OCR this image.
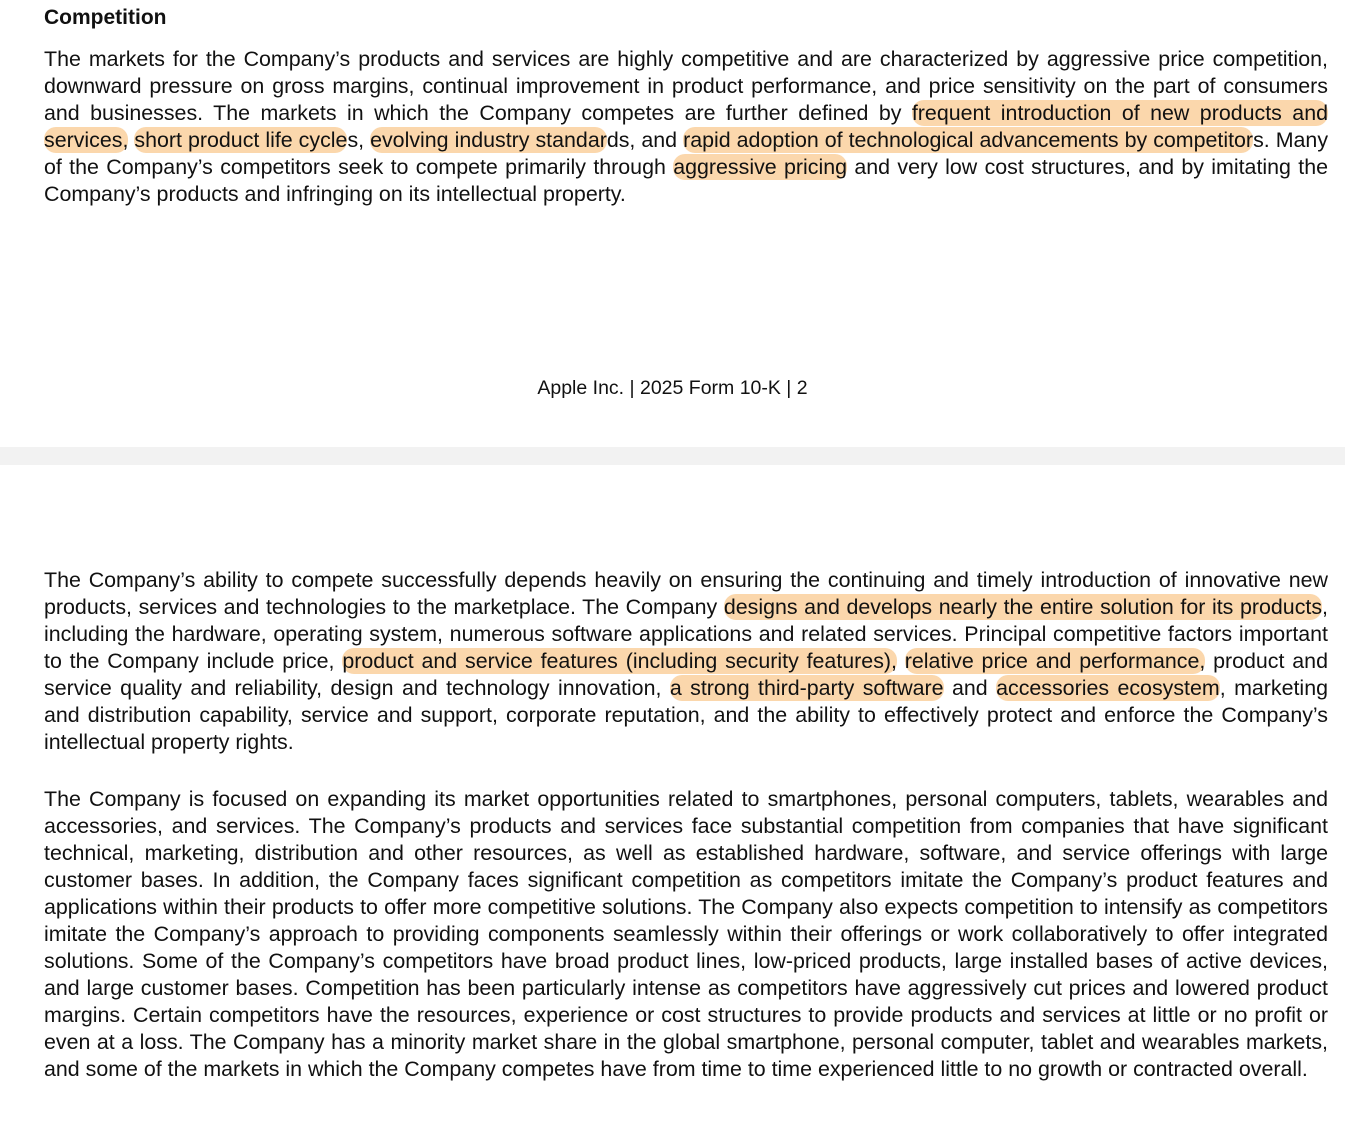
Competition

The markets for the Company’s products and services are highly competitive and are characterized by aggressive price competition, downward pressure on gross margins, continual improvement in product performance, and price sensitivity on the part of consumers and businesses. The markets in which the Company competes are further defined by frequent introduction of new products and services, short product life cycles, evolving industry standards, and rapid adoption of technological advancements by competitors. Many of the Company’s competitors seek to compete primarily through aggressive pricing and very low cost structures, and by imitating the Company’s products and infringing on its intellectual property.

Apple Inc. | 2025 Form 10-K | 2

The Company’s ability to compete successfully depends heavily on ensuring the continuing and timely introduction of innovative new products, services and technologies to the marketplace. The Company designs and develops nearly the entire solution for its products, including the hardware, operating system, numerous software applications and related services. Principal competitive factors important to the Company include price, product and service features (including security features), relative price and performance, product and service quality and reliability, design and technology innovation, a strong third-party software and accessories ecosystem, marketing and distribution capability, service and support, corporate reputation, and the ability to effectively protect and enforce the Company’s intellectual property rights.

The Company is focused on expanding its market opportunities related to smartphones, personal computers, tablets, wearables and accessories, and services. The Company’s products and services face substantial competition from companies that have significant technical, marketing, distribution and other resources, as well as established hardware, software, and service offerings with large customer bases. In addition, the Company faces significant competition as competitors imitate the Company’s product features and applications within their products to offer more competitive solutions. The Company also expects competition to intensify as competitors imitate the Company’s approach to providing components seamlessly within their offerings or work collaboratively to offer integrated solutions. Some of the Company’s competitors have broad product lines, low-priced products, large installed bases of active devices, and large customer bases. Competition has been particularly intense as competitors have aggressively cut prices and lowered product margins. Certain competitors have the resources, experience or cost structures to provide products and services at little or no profit or even at a loss. The Company has a minority market share in the global smartphone, personal computer, tablet and wearables markets, and some of the markets in which the Company competes have from time to time experienced little to no growth or contracted overall.
